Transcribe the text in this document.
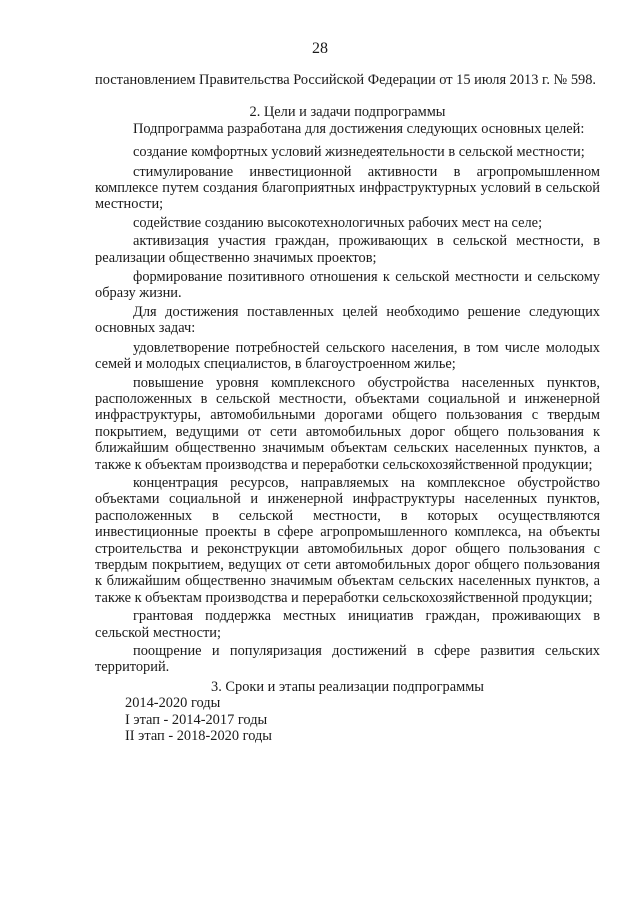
28

постановлением Правительства Российской Федерации от 15 июля 2013 г. № 598.

2. Цели и задачи подпрограммы

Подпрограмма разработана для достижения следующих основных целей:

создание комфортных условий жизнедеятельности в сельской местности;

стимулирование инвестиционной активности в агропромышленном комплексе путем создания благоприятных инфраструктурных условий в сельской местности;

содействие созданию высокотехнологичных рабочих мест на селе;

активизация участия граждан, проживающих в сельской местности, в реализации общественно значимых проектов;

формирование позитивного отношения к сельской местности и сельскому образу жизни.

Для достижения поставленных целей необходимо решение следующих основных задач:

удовлетворение потребностей сельского населения, в том числе молодых семей и молодых специалистов, в благоустроенном жилье;

повышение уровня комплексного обустройства населенных пунктов, расположенных в сельской местности, объектами социальной и инженерной инфраструктуры, автомобильными дорогами общего пользования с твердым покрытием, ведущими от сети автомобильных дорог общего пользования к ближайшим общественно значимым объектам сельских населенных пунктов, а также к объектам производства и переработки сельскохозяйственной продукции;

концентрация ресурсов, направляемых на комплексное обустройство объектами социальной и инженерной инфраструктуры населенных пунктов, расположенных в сельской местности, в которых осуществляются инвестиционные проекты в сфере агропромышленного комплекса, на объекты строительства и реконструкции автомобильных дорог общего пользования с твердым покрытием, ведущих от сети автомобильных дорог общего пользования к ближайшим общественно значимым объектам сельских населенных пунктов, а также к объектам производства и переработки сельскохозяйственной продукции;

грантовая поддержка местных инициатив граждан, проживающих в сельской местности;

поощрение и популяризация достижений в сфере развития сельских территорий.

3. Сроки и этапы реализации подпрограммы

2014-2020 годы

I этап - 2014-2017 годы

II этап - 2018-2020 годы
